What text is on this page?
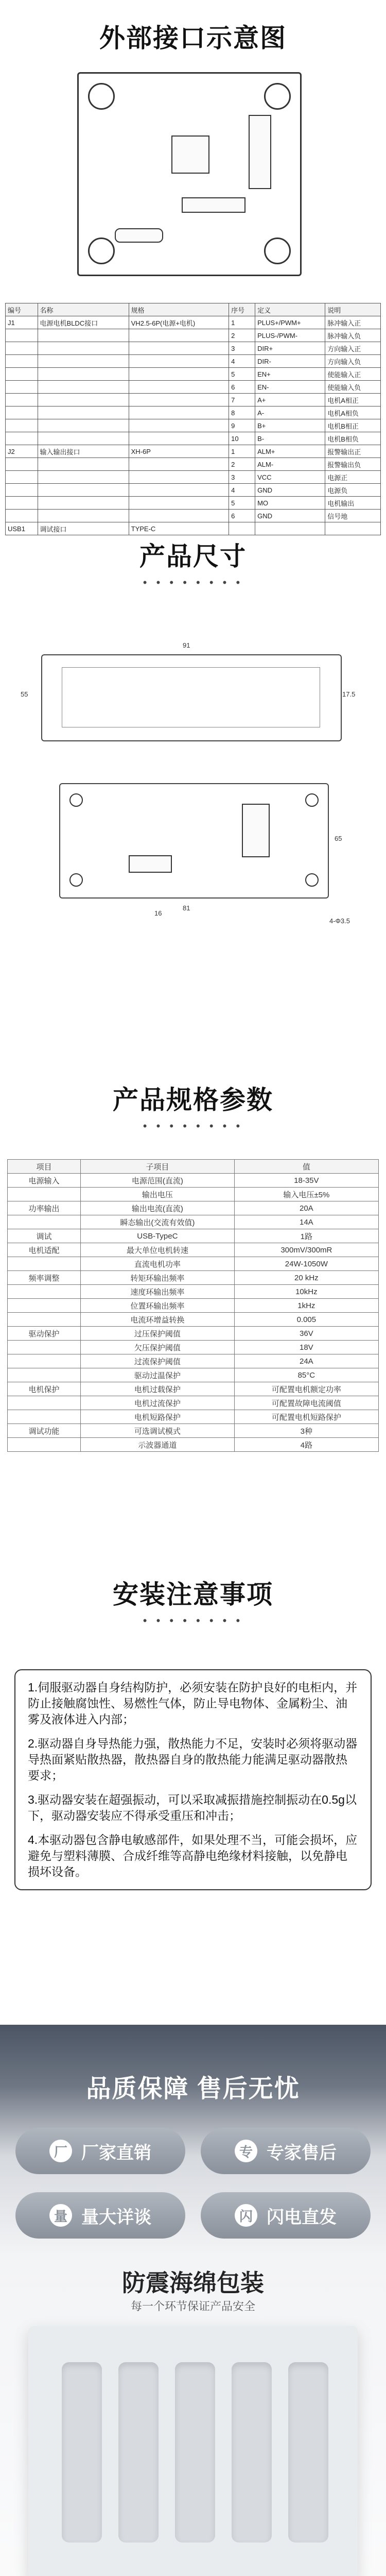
外部接口示意图
编号	名称	规格	序号	定义	说明
J1	电源电机BLDC接口	VH2.5-6P(电源+电机)	1	PLUS+/PWM+	脉冲输入正
			2	PLUS-/PWM-	脉冲输入负
			3	DIR+	方向输入正
			4	DIR-	方向输入负
			5	EN+	使能输入正
			6	EN-	使能输入负
			7	A+	电机A相正
			8	A-	电机A相负
			9	B+	电机B相正
			10	B-	电机B相负
J2	输入输出接口	XH-6P	1	ALM+	报警输出正
			2	ALM-	报警输出负
			3	VCC	电源正
			4	GND	电源负
			5	MO	电机输出
			6	GND	信号地
USB1	调试接口	TYPE-C			
产品尺寸
• • • • • • • •
91
55	17.5
81
65
16
4-Φ3.5
产品规格参数
• • • • • • • •
项目	子项目	值
电源输入	电源范围(直流)	18-35V
	输出电压	输入电压±5%
功率输出	输出电流(直流)	20A
	瞬态输出(交流有效值)	14A
调试	USB-TypeC	1路
电机适配	最大单位电机转速	300mV/300mR
	直流电机功率	24W-1050W
频率调整	转矩环输出频率	20 kHz
	速度环输出频率	10kHz
	位置环输出频率	1kHz
	电流环增益转换	0.005
驱动保护	过压保护阈值	36V
	欠压保护阈值	18V
	过流保护阈值	24A
	驱动过温保护	85°C
电机保护	电机过载保护	可配置电机额定功率
	电机过流保护	可配置故障电流阈值
	电机短路保护	可配置电机短路保护
调试功能	可选调试模式	3种
	示波器通道	4路
安装注意事项
• • • • • • • •

1.伺服驱动器自身结构防护，必须安装在防护良好的电柜内，并防止接触腐蚀性、易燃性气体，防止导电物体、金属粉尘、油雾及液体进入内部；

2.驱动器自身导热能力强，散热能力不足，安装时必须将驱动器导热面紧贴散热器，散热器自身的散热能力能满足驱动器散热要求；

3.驱动器安装在超强振动，可以采取减振措施控制振动在0.5g以下，驱动器安装应不得承受重压和冲击；

4.本驱动器包含静电敏感部件，如果处理不当，可能会损坏，应避免与塑料薄膜、合成纤维等高静电绝缘材料接触，以免静电损坏设备。

品质保障 售后无忧
厂 厂家直销	专 专家售后
量 量大详谈	闪 闪电直发
防震海绵包装
每一个环节保证产品安全
